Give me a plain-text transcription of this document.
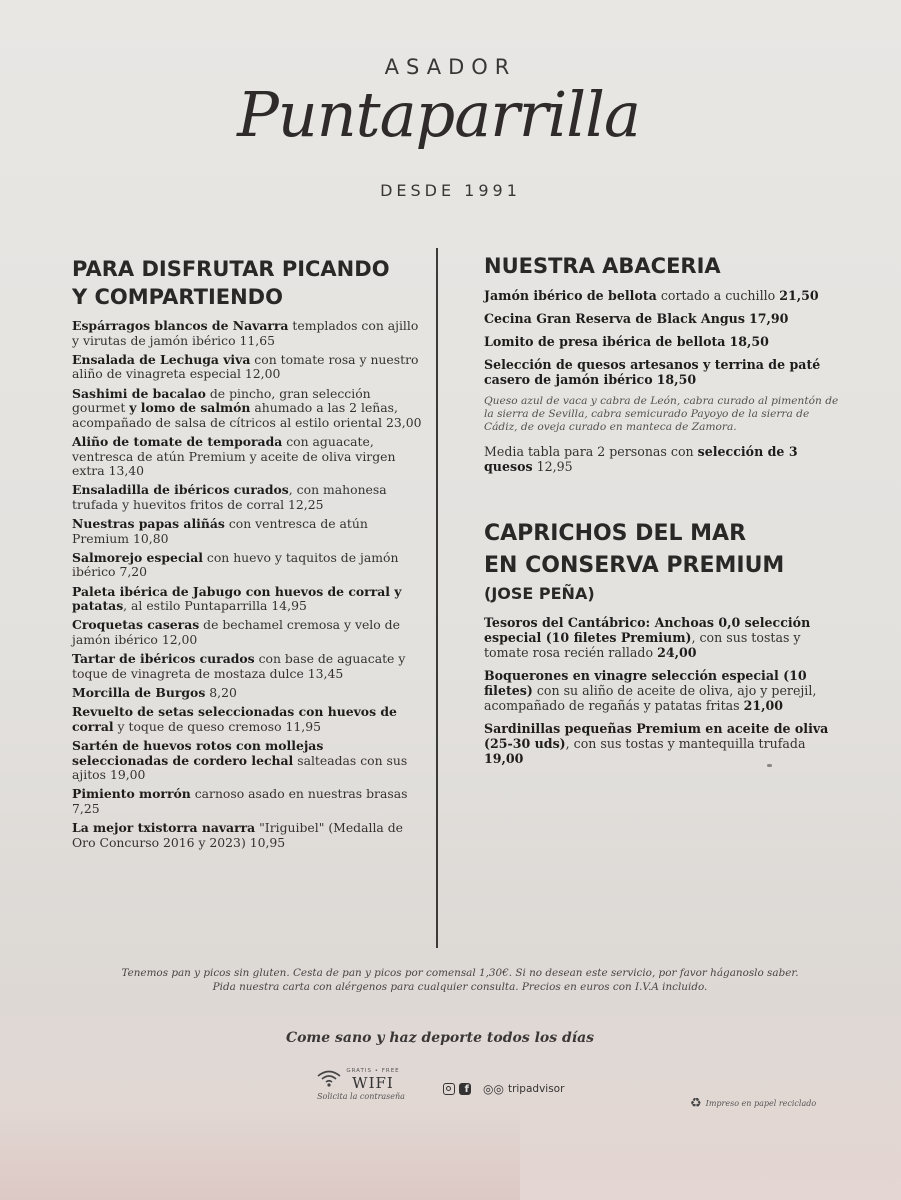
ASADOR
Puntaparrilla
DESDE 1991
PARA DISFRUTAR PICANDO
Y COMPARTIENDO
Espárragos blancos de Navarra templados con ajillo y virutas de jamón ibérico 11,65
Ensalada de Lechuga viva con tomate rosa y nuestro aliño de vinagreta especial 12,00
Sashimi de bacalao de pincho, gran selección gourmet y lomo de salmón ahumado a las 2 leñas, acompañado de salsa de cítricos al estilo oriental 23,00
Aliño de tomate de temporada con aguacate, ventresca de atún Premium y aceite de oliva virgen extra 13,40
Ensaladilla de ibéricos curados, con mahonesa trufada y huevitos fritos de corral 12,25
Nuestras papas aliñás con ventresca de atún Premium 10,80
Salmorejo especial con huevo y taquitos de jamón ibérico 7,20
Paleta ibérica de Jabugo con huevos de corral y patatas, al estilo Puntaparrilla 14,95
Croquetas caseras de bechamel cremosa y velo de jamón ibérico 12,00
Tartar de ibéricos curados con base de aguacate y toque de vinagreta de mostaza dulce 13,45
Morcilla de Burgos 8,20
Revuelto de setas seleccionadas con huevos de corral y toque de queso cremoso 11,95
Sartén de huevos rotos con mollejas seleccionadas de cordero lechal salteadas con sus ajitos 19,00
Pimiento morrón carnoso asado en nuestras brasas 7,25
La mejor txistorra navarra "Iriguibel" (Medalla de Oro Concurso 2016 y 2023) 10,95
NUESTRA ABACERIA
Jamón ibérico de bellota cortado a cuchillo 21,50
Cecina Gran Reserva de Black Angus 17,90
Lomito de presa ibérica de bellota 18,50
Selección de quesos artesanos y terrina de paté casero de jamón ibérico 18,50
Queso azul de vaca y cabra de León, cabra curado al pimentón de la sierra de Sevilla, cabra semicurado Payoyo de la sierra de Cádiz, de oveja curado en manteca de Zamora.
Media tabla para 2 personas con selección de 3 quesos 12,95
CAPRICHOS DEL MAR
EN CONSERVA PREMIUM
(JOSE PEÑA)
Tesoros del Cantábrico: Anchoas 0,0 selección especial (10 filetes Premium), con sus tostas y tomate rosa recién rallado 24,00
Boquerones en vinagre selección especial (10 filetes) con su aliño de aceite de oliva, ajo y perejil, acompañado de regañás y patatas fritas 21,00
Sardinillas pequeñas Premium en aceite de oliva (25-30 uds), con sus tostas y mantequilla trufada 19,00
Tenemos pan y picos sin gluten. Cesta de pan y picos por comensal 1,30€. Si no desean este servicio, por favor háganoslo saber.
Pida nuestra carta con alérgenos para cualquier consulta. Precios en euros con I.V.A incluido.
Come sano y haz deporte todos los días
GRATIS • FREE
WIFI
Solicita la contraseña
f ◎◎ tripadvisor
♻ Impreso en papel reciclado
